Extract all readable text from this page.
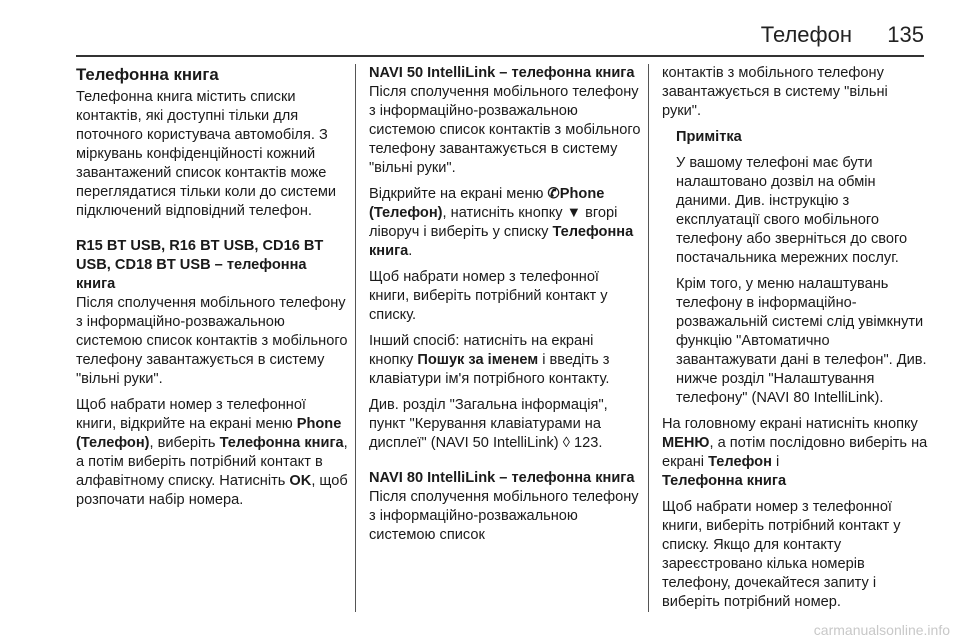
Телефон 135
Телефонна книга

Телефонна книга містить списки контактів, які доступні тільки для поточного користувача автомобіля. З міркувань конфіденційності кожний завантажений список контактів може переглядатися тільки коли до системи підключений відповідний телефон.

R15 BT USB, R16 BT USB, CD16 BT USB, CD18 BT USB – телефонна книга

Після сполучення мобільного телефону з інформаційно-розважальною системою список контактів з мобільного телефону завантажується в систему "вільні руки".

Щоб набрати номер з телефонної книги, відкрийте на екрані меню Phone (Телефон), виберіть Телефонна книга, а потім виберіть потрібний контакт в алфавітному списку. Натисніть OK, щоб розпочати набір номера.

NAVI 50 IntelliLink – телефонна книга

Після сполучення мобільного телефону з інформаційно-розважальною системою список контактів з мобільного телефону завантажується в систему "вільні руки".

Відкрийте на екрані меню ✆Phone (Телефон), натисніть кнопку ▼ вгорі ліворуч і виберіть у списку Телефонна книга.

Щоб набрати номер з телефонної книги, виберіть потрібний контакт у списку.

Інший спосіб: натисніть на екрані кнопку Пошук за іменем і введіть з клавіатури ім'я потрібного контакту.

Див. розділ "Загальна інформація", пункт "Керування клавіатурами на дисплеї" (NAVI 50 IntelliLink) ◊ 123.

NAVI 80 IntelliLink – телефонна книга

Після сполучення мобільного телефону з інформаційно-розважальною системою список

контактів з мобільного телефону завантажується в систему "вільні руки".

Примітка

У вашому телефоні має бути налаштовано дозвіл на обмін даними. Див. інструкцію з експлуатації свого мобільного телефону або зверніться до свого постачальника мережних послуг.

Крім того, у меню налаштувань телефону в інформаційно-розважальній системі слід увімкнути функцію "Автоматично завантажувати дані в телефон". Див. нижче розділ "Налаштування телефону" (NAVI 80 IntelliLink).

На головному екрані натисніть кнопку МЕНЮ, а потім послідовно виберіть на екрані Телефон і
Телефонна книга

Щоб набрати номер з телефонної книги, виберіть потрібний контакт у списку. Якщо для контакту зареєстровано кілька номерів телефону, дочекайтеся запиту і виберіть потрібний номер.

carmanualsonline.info
